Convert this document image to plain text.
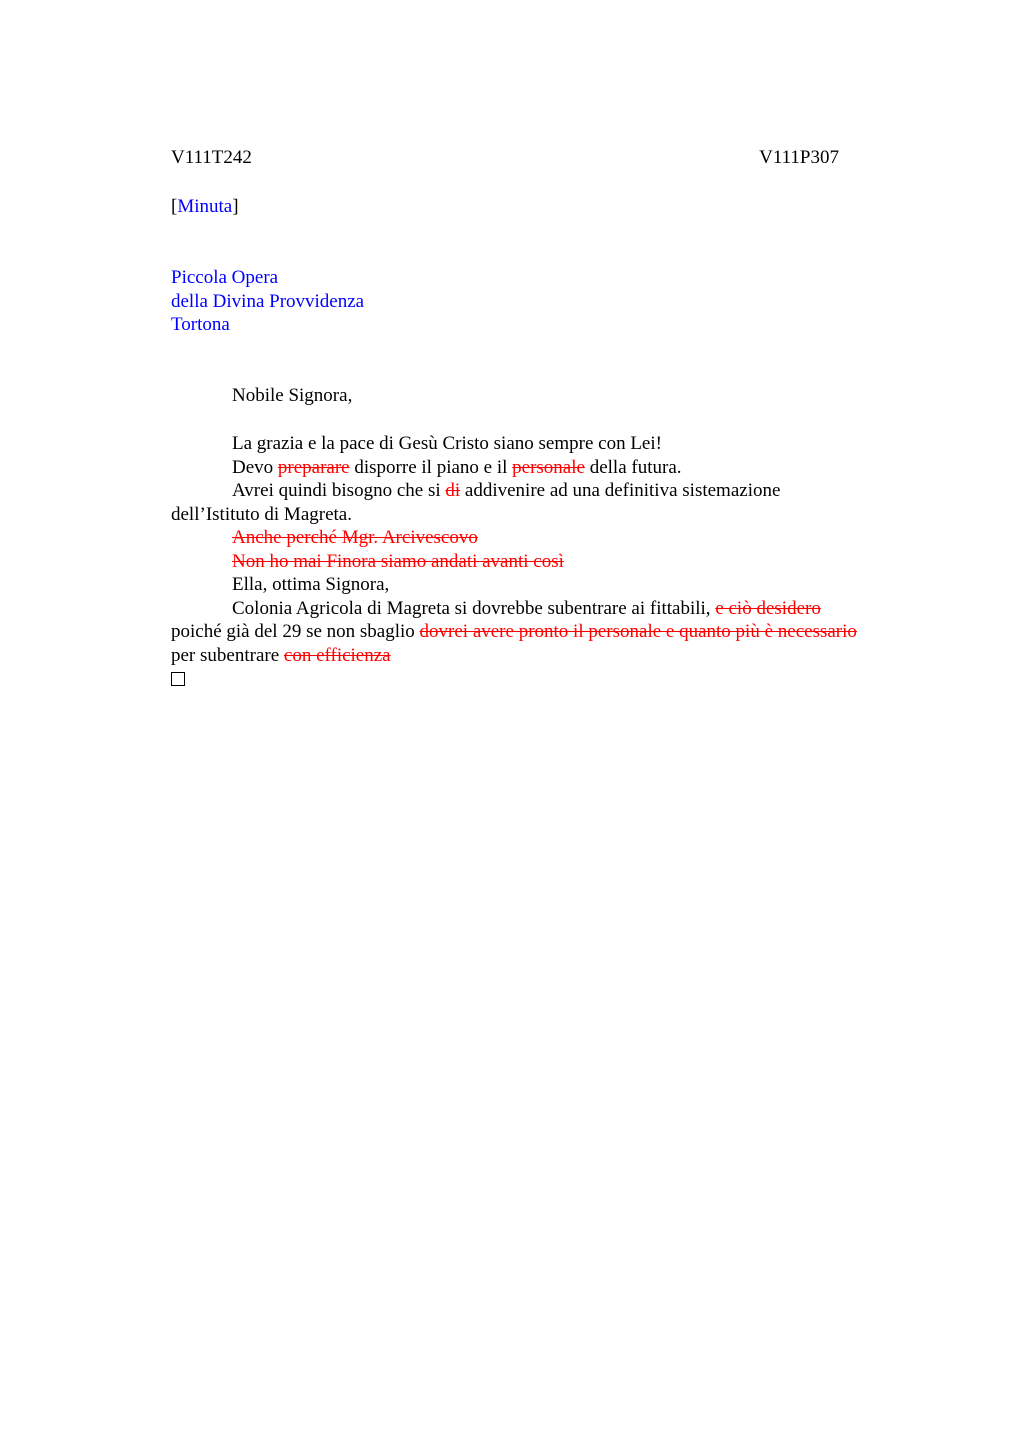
V111T242	V111P307
[Minuta]
Piccola Opera
della Divina Provvidenza
Tortona
Nobile Signora,
La grazia e la pace di Gesù Cristo siano sempre con Lei!
Devo preparare disporre il piano e il personale della futura.
Avrei quindi bisogno che si di addivenire ad una definitiva sistemazione
dell’Istituto di Magreta.
Anche perché Mgr. Arcivescovo
Non ho mai Finora siamo andati avanti così
Ella, ottima Signora,
Colonia Agricola di Magreta si dovrebbe subentrare ai fittabili, e ciò desidero
poiché già del 29 se non sbaglio dovrei avere pronto il personale e quanto più è necessario
per subentrare con efficienza
